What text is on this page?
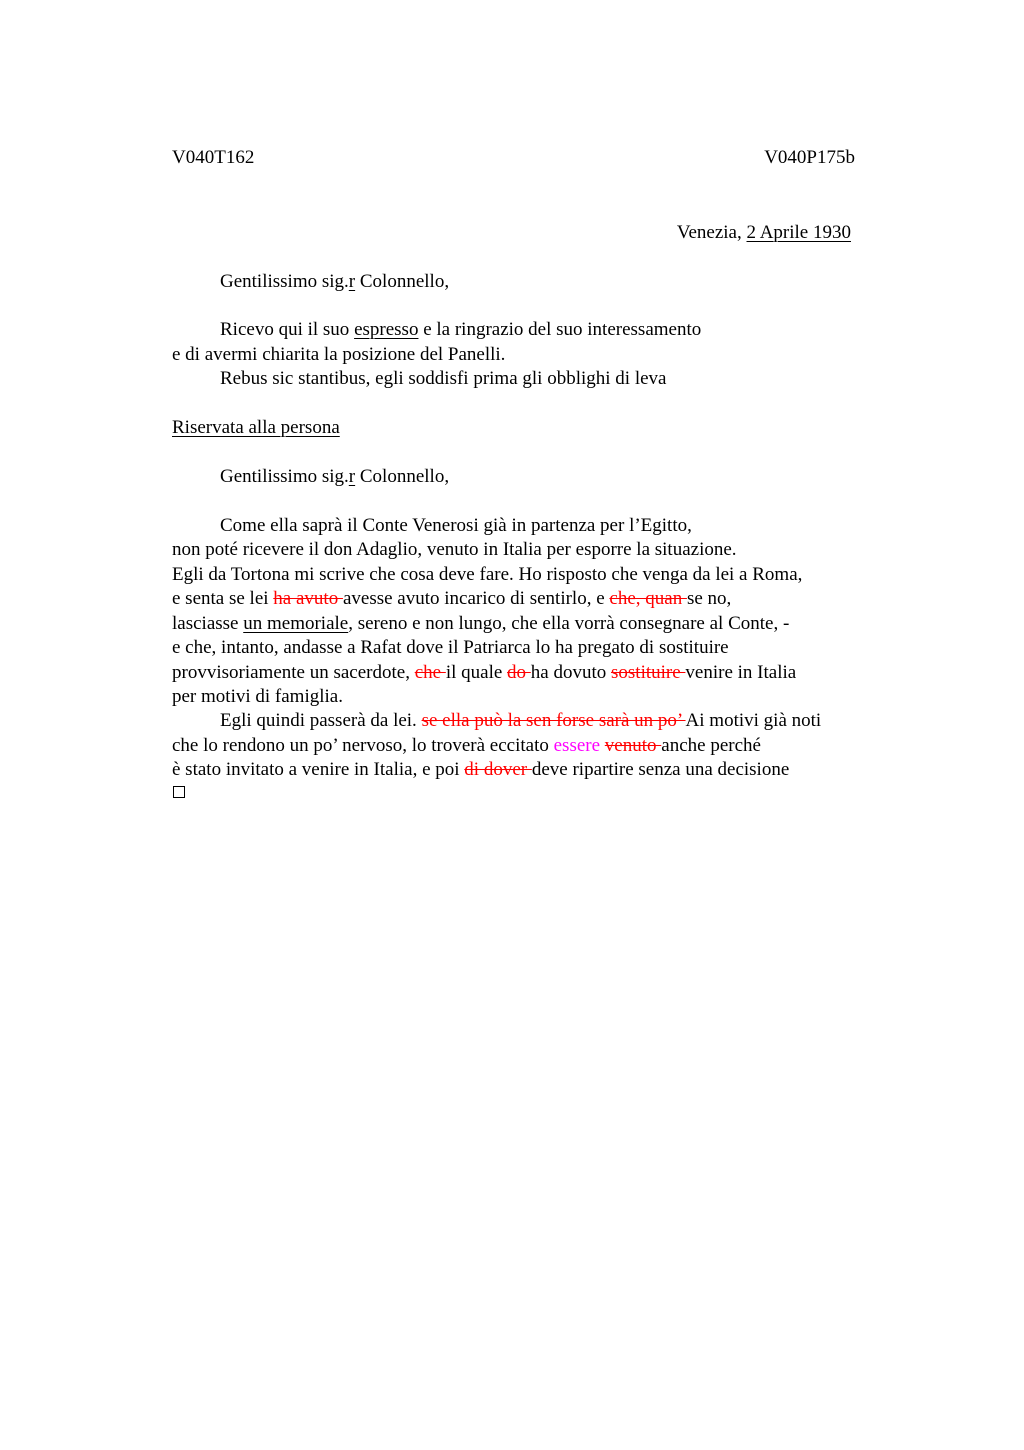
V040T162	V040P175b
Venezia, 2 Aprile 1930
Gentilissimo sig.r Colonnello,
Ricevo qui il suo espresso e la ringrazio del suo interessamento
e di avermi chiarita la posizione del Panelli.
Rebus sic stantibus, egli soddisfi prima gli obblighi di leva
Riservata alla persona
Gentilissimo sig.r Colonnello,
Come ella saprà il Conte Venerosi già in partenza per l’Egitto,
non poté ricevere il don Adaglio, venuto in Italia per esporre la situazione.
Egli da Tortona mi scrive che cosa deve fare. Ho risposto che venga da lei a Roma,
e senta se lei ha avuto avesse avuto incarico di sentirlo, e che, quan se no,
lasciasse un memoriale, sereno e non lungo, che ella vorrà consegnare al Conte, -
e che, intanto, andasse a Rafat dove il Patriarca lo ha pregato di sostituire
provvisoriamente un sacerdote, che il quale do ha dovuto sostituire venire in Italia
per motivi di famiglia.
Egli quindi passerà da lei. se ella può la sen forse sarà un po’ Ai motivi già noti
che lo rendono un po’ nervoso, lo troverà eccitato essere venuto anche perché
è stato invitato a venire in Italia, e poi di dover deve ripartire senza una decisione
